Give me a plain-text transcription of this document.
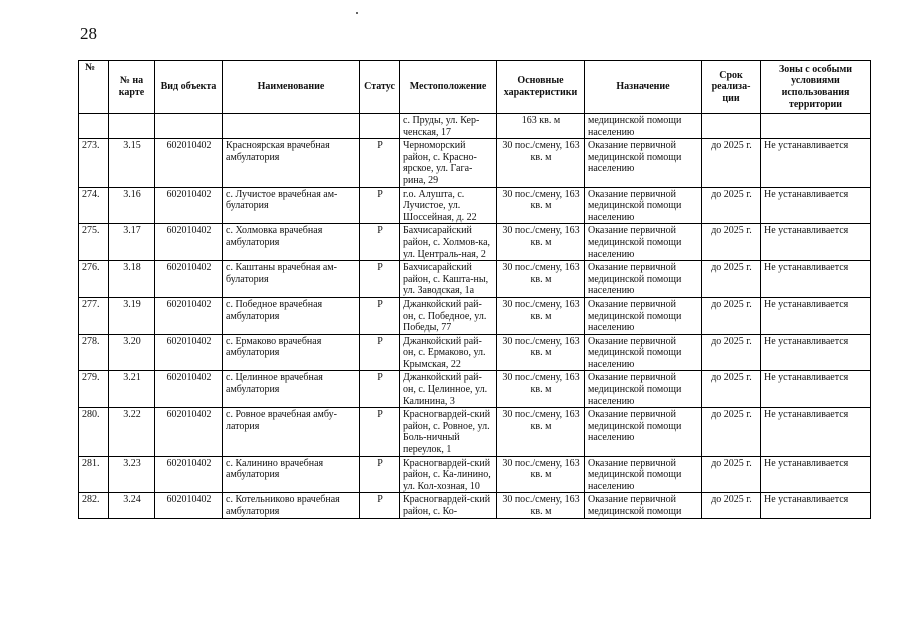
28
№	№ на карте	Вид объекта	Наименование	Статус	Местоположение	Основные характеристики	Назначение	Срок реализа-ции	Зоны с особыми условиями использования территории
					с. Пруды, ул. Кер-ченская, 17	163 кв. м	медицинской помощи населению		
273.	3.15	602010402	Красноярская врачебная амбулатория	Р	Черноморский район, с. Красно-ярское, ул. Гага-рина, 29	30 пос./смену, 163 кв. м	Оказание первичной медицинской помощи населению	до 2025 г.	Не устанавливается
274.	3.16	602010402	с. Лучистое врачебная ам-булатория	Р	г.о. Алушта, с. Лучистое, ул. Шоссейная, д. 22	30 пос./смену, 163 кв. м	Оказание первичной медицинской помощи населению	до 2025 г.	Не устанавливается
275.	3.17	602010402	с. Холмовка врачебная амбулатория	Р	Бахчисарайский район, с. Холмов-ка, ул. Централь-ная, 2	30 пос./смену, 163 кв. м	Оказание первичной медицинской помощи населению	до 2025 г.	Не устанавливается
276.	3.18	602010402	с. Каштаны врачебная ам-булатория	Р	Бахчисарайский район, с. Кашта-ны, ул. Заводская, 1а	30 пос./смену, 163 кв. м	Оказание первичной медицинской помощи населению	до 2025 г.	Не устанавливается
277.	3.19	602010402	с. Победное врачебная амбулатория	Р	Джанкойский рай-он, с. Победное, ул. Победы, 77	30 пос./смену, 163 кв. м	Оказание первичной медицинской помощи населению	до 2025 г.	Не устанавливается
278.	3.20	602010402	с. Ермаково врачебная амбулатория	Р	Джанкойский рай-он, с. Ермаково, ул. Крымская, 22	30 пос./смену, 163 кв. м	Оказание первичной медицинской помощи населению	до 2025 г.	Не устанавливается
279.	3.21	602010402	с. Целинное врачебная амбулатория	Р	Джанкойский рай-он, с. Целинное, ул. Калинина, 3	30 пос./смену, 163 кв. м	Оказание первичной медицинской помощи населению	до 2025 г.	Не устанавливается
280.	3.22	602010402	с. Ровное врачебная амбу-латория	Р	Красногвардей-ский район, с. Ровное, ул. Боль-ничный переулок, 1	30 пос./смену, 163 кв. м	Оказание первичной медицинской помощи населению	до 2025 г.	Не устанавливается
281.	3.23	602010402	с. Калинино врачебная амбулатория	Р	Красногвардей-ский район, с. Ка-линино, ул. Кол-хозная, 10	30 пос./смену, 163 кв. м	Оказание первичной медицинской помощи населению	до 2025 г.	Не устанавливается
282.	3.24	602010402	с. Котельниково врачебная амбулатория	Р	Красногвардей-ский район, с. Ко-	30 пос./смену, 163 кв. м	Оказание первичной медицинской помощи	до 2025 г.	Не устанавливается
